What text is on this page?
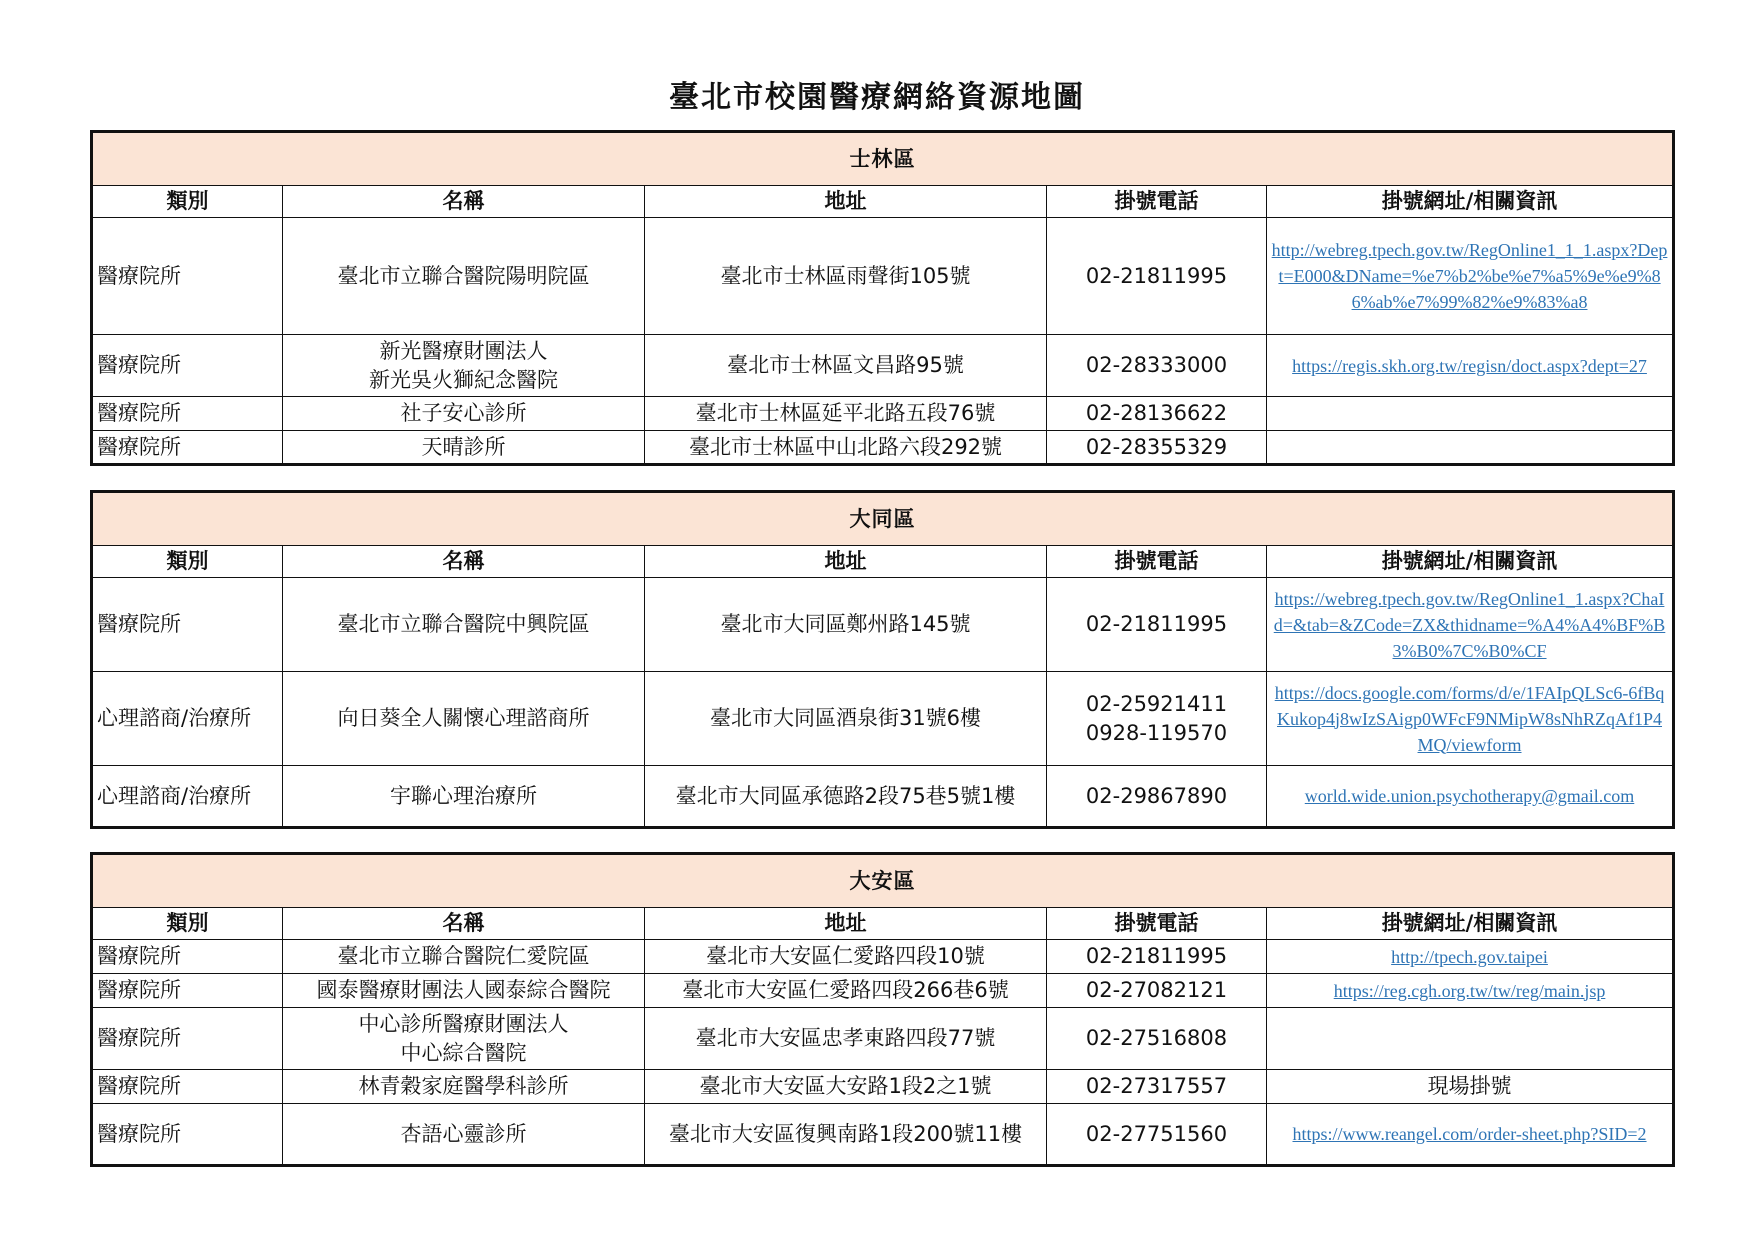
臺北市校園醫療網絡資源地圖
士林區				
類別	名稱	地址	掛號電話	掛號網址/相關資訊
醫療院所	臺北市立聯合醫院陽明院區	臺北市士林區雨聲街105號	02-21811995	http://webreg.tpech.gov.tw/RegOnline1_1_1.aspx?Dept=E000&DName=%e7%b2%be%e7%a5%9e%e9%86%ab%e7%99%82%e9%83%a8

醫療院所	新光醫療財團法人
新光吳火獅紀念醫院	臺北市士林區文昌路95號	02-28333000	https://regis.skh.org.tw/regisn/doct.aspx?dept=27

醫療院所	社子安心診所	臺北市士林區延平北路五段76號	02-28136622	
醫療院所	天晴診所	臺北市士林區中山北路六段292號	02-28355329	
大同區				
類別	名稱	地址	掛號電話	掛號網址/相關資訊
醫療院所	臺北市立聯合醫院中興院區	臺北市大同區鄭州路145號	02-21811995	https://webreg.tpech.gov.tw/RegOnline1_1.aspx?ChaId=&tab=&ZCode=ZX&thidname=%A4%A4%BF%B3%B0%7C%B0%CF

心理諮商/治療所	向日葵全人關懷心理諮商所	臺北市大同區酒泉街31號6樓	02-25921411
0928-119570	https://docs.google.com/forms/d/e/1FAIpQLSc6-6fBqKukop4j8wIzSAigp0WFcF9NMipW8sNhRZqAf1P4MQ/viewform

心理諮商/治療所	宇聯心理治療所	臺北市大同區承德路2段75巷5號1樓	02-29867890	world.wide.union.psychotherapy@gmail.com
大安區				
類別	名稱	地址	掛號電話	掛號網址/相關資訊
醫療院所	臺北市立聯合醫院仁愛院區	臺北市大安區仁愛路四段10號	02-21811995	http://tpech.gov.taipei

醫療院所	國泰醫療財團法人國泰綜合醫院	臺北市大安區仁愛路四段266巷6號	02-27082121	https://reg.cgh.org.tw/tw/reg/main.jsp

醫療院所	中心診所醫療財團法人
中心綜合醫院	臺北市大安區忠孝東路四段77號	02-27516808	
醫療院所	林青穀家庭醫學科診所	臺北市大安區大安路1段2之1號	02-27317557	現場掛號
醫療院所	杏語心靈診所	臺北市大安區復興南路1段200號11樓	02-27751560	https://www.reangel.com/order-sheet.php?SID=2
